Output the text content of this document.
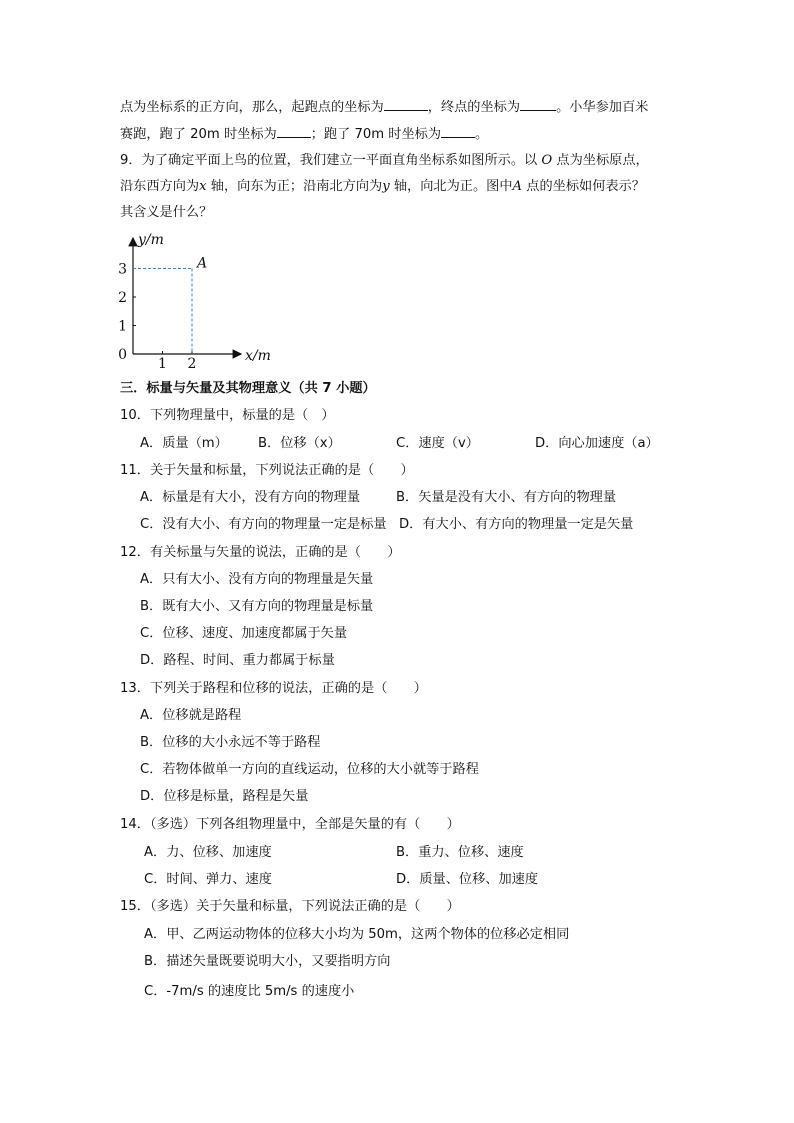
点为坐标系的正方向，那么，起跑点的坐标为	，终点的坐标为	。小华参加百米
赛跑，跑了 20m 时坐标为	；跑了 70m 时坐标为	。
9．为了确定平面上鸟的位置，我们建立一平面直角坐标系如图所示。以 O 点为坐标原点，
沿东西方向为x 轴，向东为正；沿南北方向为y 轴，向北为正。图中A 点的坐标如何表示？
其含义是什么？
0
1
2
3
1 2	x/m
y/m
A
三．标量与矢量及其物理意义（共 7 小题）
10．下列物理量中，标量的是（　）
A．质量（m） B．位移（x）	C．速度（v）	D．向心加速度（a）
11．关于矢量和标量，下列说法正确的是（　　）
A．标量是有大小，没有方向的物理量	B．矢量是没有大小、有方向的物理量
C．没有大小、有方向的物理量一定是标量 D．有大小、有方向的物理量一定是矢量
12．有关标量与矢量的说法，正确的是（　　）
A．只有大小、没有方向的物理量是矢量
B．既有大小、又有方向的物理量是标量
C．位移、速度、加速度都属于矢量
D．路程、时间、重力都属于标量
13．下列关于路程和位移的说法，正确的是（　　）
A．位移就是路程
B．位移的大小永远不等于路程
C．若物体做单一方向的直线运动，位移的大小就等于路程
D．位移是标量，路程是矢量
14．（多选）下列各组物理量中，全部是矢量的有（　　）
A．力、位移、加速度	B．重力、位移、速度
C．时间、弹力、速度	D．质量、位移、加速度
15．（多选）关于矢量和标量，下列说法正确的是（　　）
A．甲、乙两运动物体的位移大小均为 50m，这两个物体的位移必定相同
B．描述矢量既要说明大小，又要指明方向
C．-7m/s 的速度比 5m/s 的速度小
